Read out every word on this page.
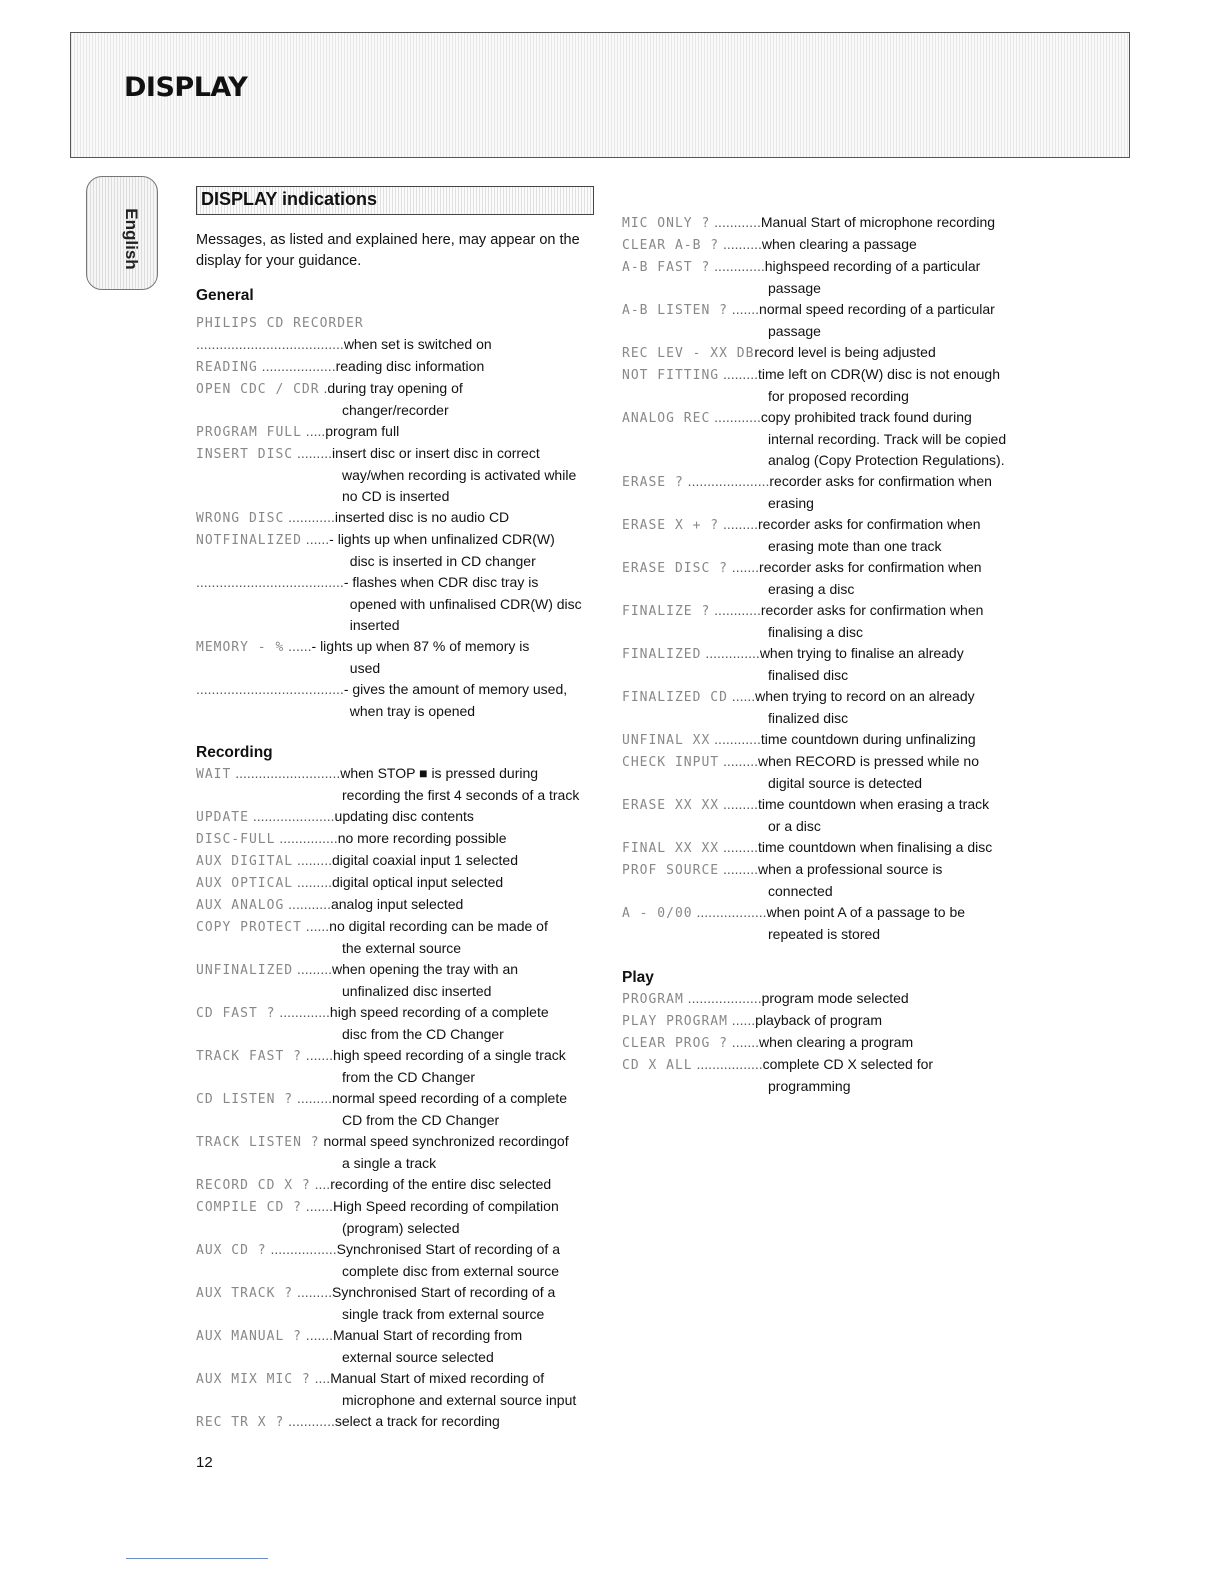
DISPLAY
English
DISPLAY indications
Messages, as listed and explained here, may appear on the
display for your guidance.
General
PHILIPS CD RECORDER
......................................when set is switched on
READING ...................reading disc information
OPEN CDC / CDR .during tray opening of
changer/recorder
PROGRAM FULL .....program full
INSERT DISC .........insert disc or insert disc in correct
way/when recording is activated while
no CD is inserted
WRONG DISC ............inserted disc is no audio CD
NOTFINALIZED ......- lights up when unfinalized CDR(W)
disc is inserted in CD changer
......................................- flashes when CDR disc tray is
opened with unfinalised CDR(W) disc
inserted
MEMORY - % ......- lights up when 87 % of memory is
used
......................................- gives the amount of memory used,
when tray is opened
Recording
WAIT ...........................when STOP ■ is pressed during
recording the first 4 seconds of a track
UPDATE .....................updating disc contents
DISC-FULL ...............no more recording possible
AUX DIGITAL .........digital coaxial input 1 selected
AUX OPTICAL .........digital optical input selected
AUX ANALOG ...........analog input selected
COPY PROTECT ......no digital recording can be made of
the external source
UNFINALIZED .........when opening the tray with an
unfinalized disc inserted
CD FAST ? .............high speed recording of a complete
disc from the CD Changer
TRACK FAST ? .......high speed recording of a single track
from the CD Changer
CD LISTEN ? .........normal speed recording of a complete
CD from the CD Changer
TRACK LISTEN ? normal speed synchronized recordingof
a single a track
RECORD CD X ? ....recording of the entire disc selected
COMPILE CD ? .......High Speed recording of compilation
(program) selected
AUX CD ? .................Synchronised Start of recording of a
complete disc from external source
AUX TRACK ? .........Synchronised Start of recording of a
single track from external source
AUX MANUAL ? .......Manual Start of recording from
external source selected
AUX MIX MIC ? ....Manual Start of mixed recording of
microphone and external source input
REC TR X ? ............select a track for recording
MIC ONLY ? ............Manual Start of microphone recording
CLEAR A-B ? ..........when clearing a passage
A-B FAST ? .............highspeed recording of a particular
passage
A-B LISTEN ? .......normal speed recording of a particular
passage
REC LEV - XX DBrecord level is being adjusted
NOT FITTING .........time left on CDR(W) disc is not enough
for proposed recording
ANALOG REC ............copy prohibited track found during
internal recording. Track will be copied
analog (Copy Protection Regulations).
ERASE ? .....................recorder asks for confirmation when
erasing
ERASE X + ? .........recorder asks for confirmation when
erasing mote than one track
ERASE DISC ? .......recorder asks for confirmation when
erasing a disc
FINALIZE ? ............recorder asks for confirmation when
finalising a disc
FINALIZED ..............when trying to finalise an already
finalised disc
FINALIZED CD ......when trying to record on an already
finalized disc
UNFINAL XX ............time countdown during unfinalizing
CHECK INPUT .........when RECORD is pressed while no
digital source is detected
ERASE XX XX .........time countdown when erasing a track
or a disc
FINAL XX XX .........time countdown when finalising a disc
PROF SOURCE .........when a professional source is
connected
A - 0/00 ..................when point A of a passage to be
repeated is stored
Play
PROGRAM ...................program mode selected
PLAY PROGRAM ......playback of program
CLEAR PROG ? .......when clearing a program
CD X ALL .................complete CD X selected for
programming
12
